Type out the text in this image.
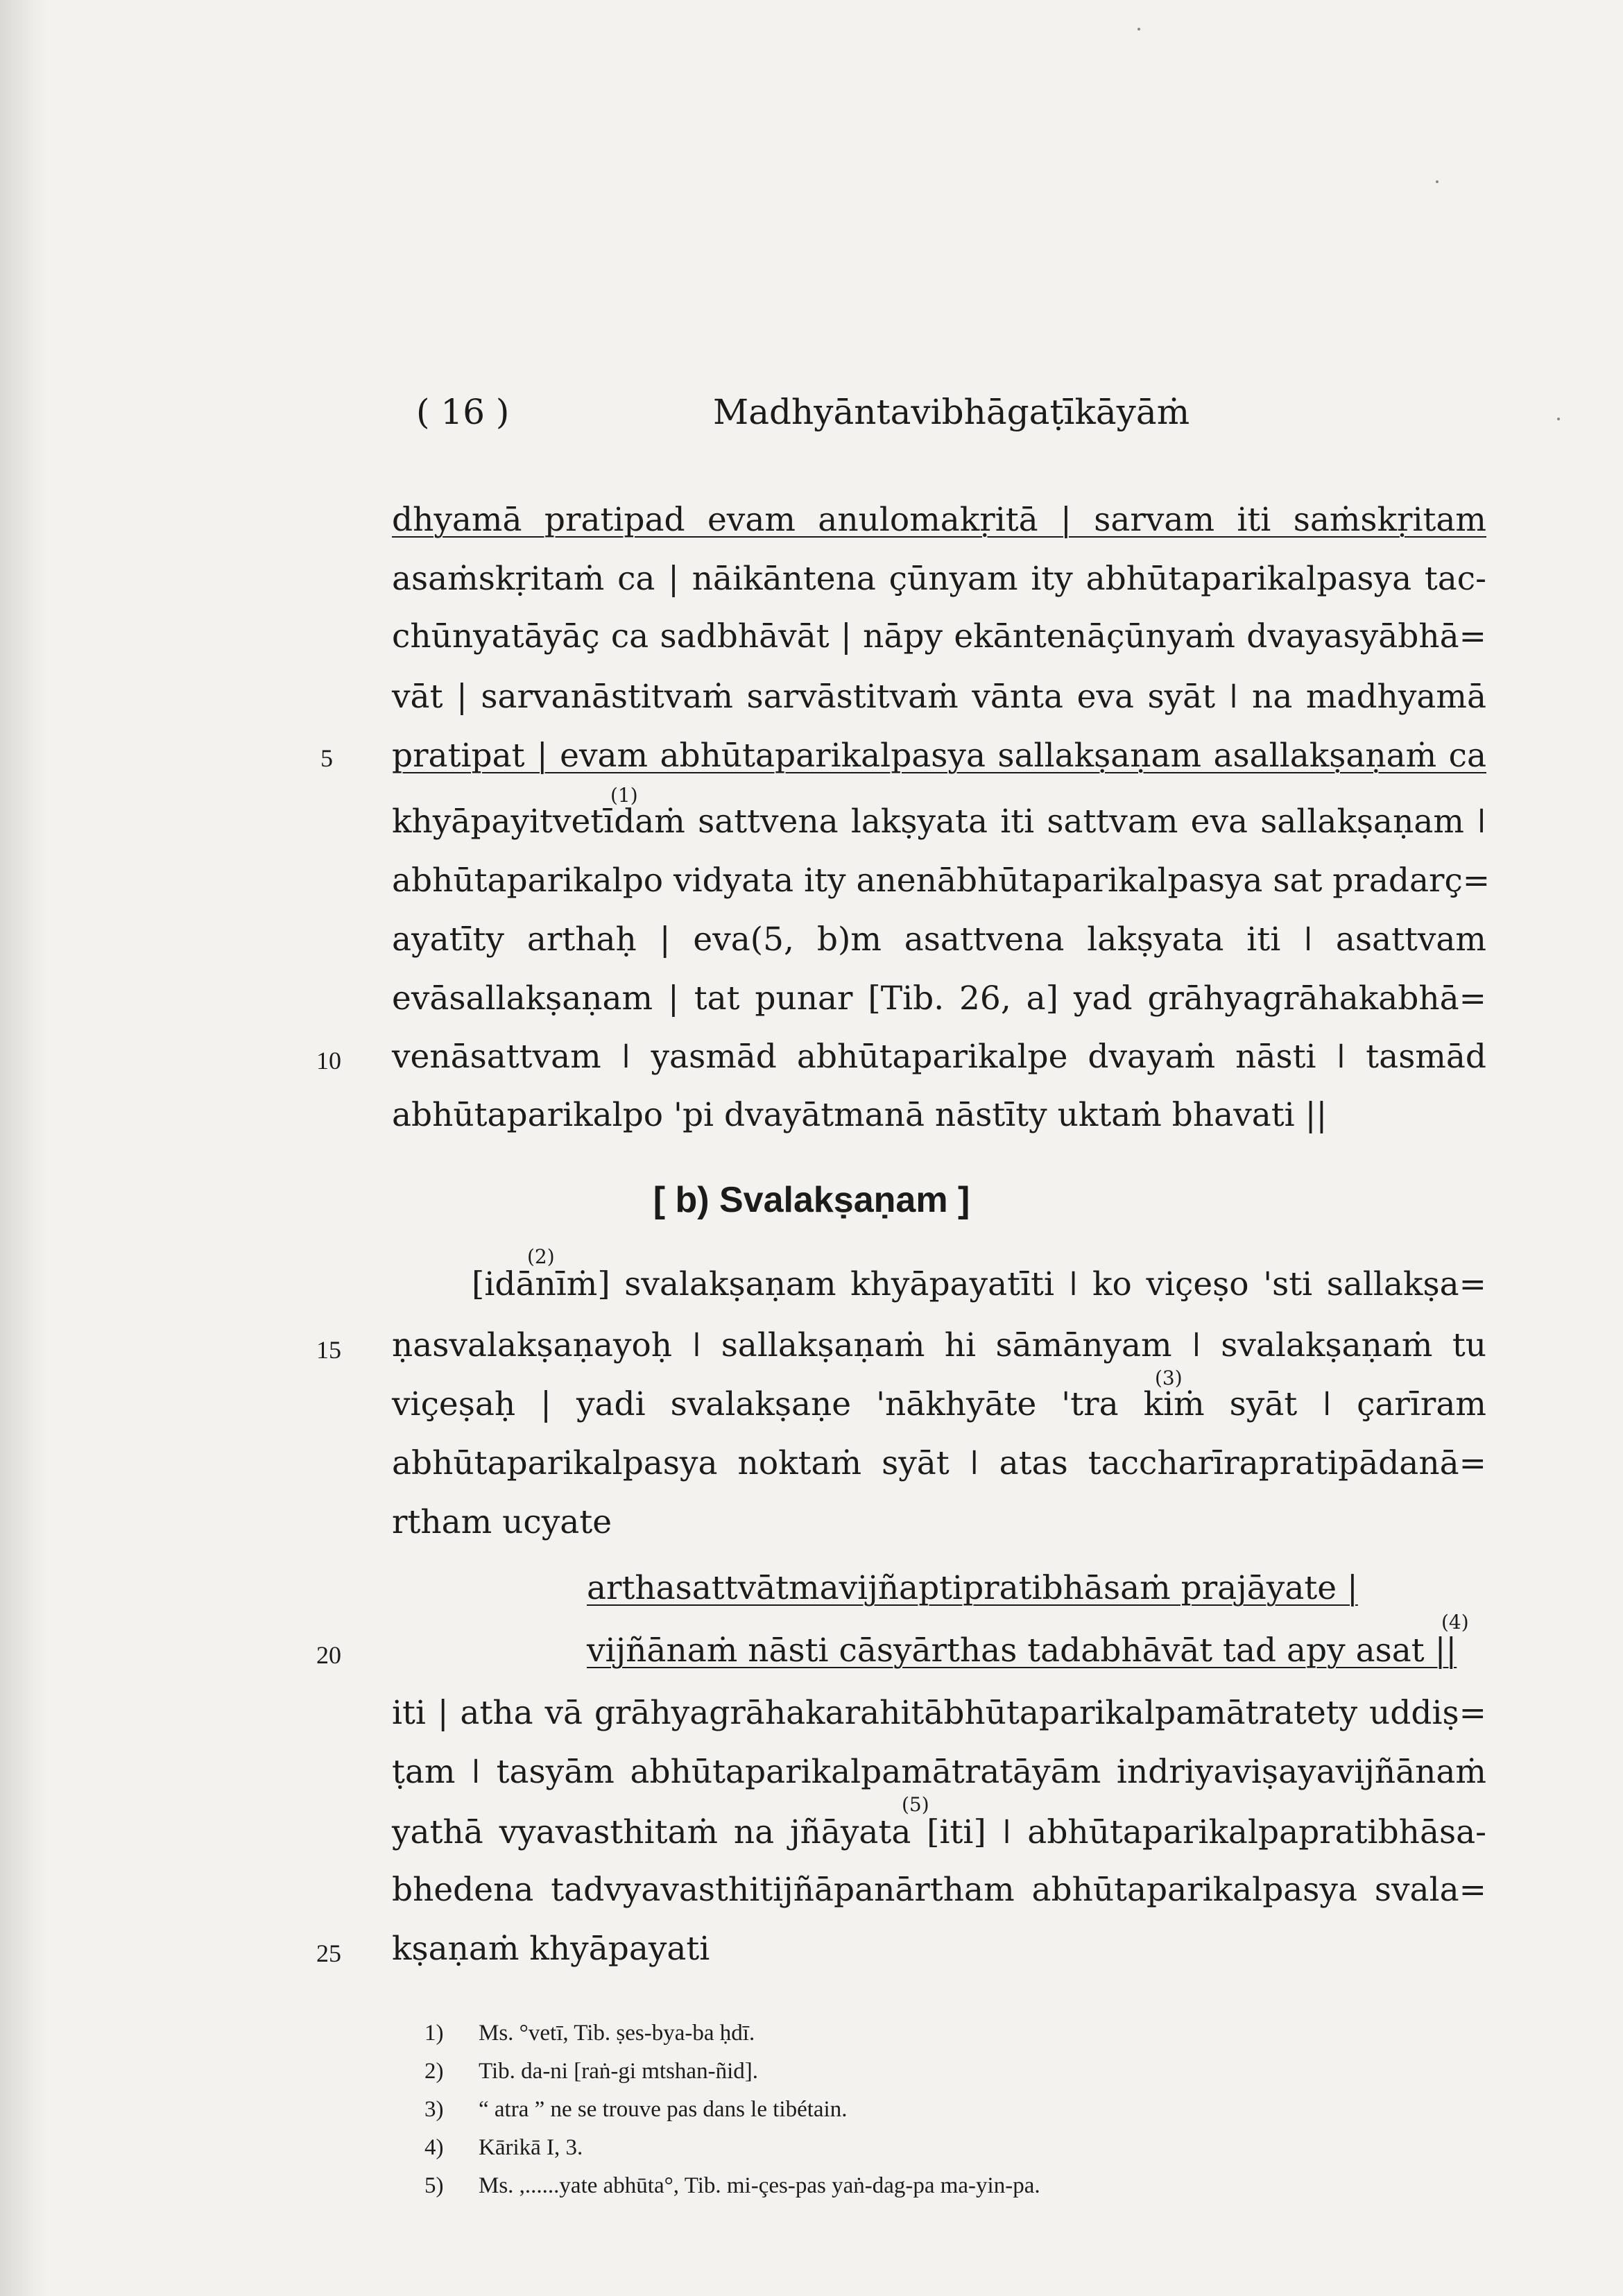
( 16 )	Madhyāntavibhāgaṭīkāyāṁ
dhyamā pratipad evam anulomakṛitā | sarvam iti saṁskṛitam
asaṁskṛitaṁ ca | nāikāntena çūnyam ity abhūtaparikalpasya tac-
chūnyatāyāç ca sadbhāvāt | nāpy ekāntenāçūnyaṁ dvayasyābhā=
vāt | sarvanāstitvaṁ sarvāstitvaṁ vānta eva syāt ǀ na madhyamā
pratipat | evam abhūtaparikalpasya sallakṣaṇam asallakṣaṇaṁ ca
khyāpayitvetīdaṁ sattvena lakṣyata iti sattvam eva sallakṣaṇam ǀ
abhūtaparikalpo vidyata ity anenābhūtaparikalpasya sat pradarç=
ayatīty arthaḥ | eva(5, b)m asattvena lakṣyata iti ǀ asattvam
evāsallakṣaṇam | tat punar [Tib. 26, a] yad grāhyagrāhakabhā=
venāsattvam ǀ yasmād abhūtaparikalpe dvayaṁ nāsti ǀ tasmād
abhūtaparikalpo 'pi dvayātmanā nāstīty uktaṁ bhavati ||
[ b) Svalakṣaṇam ]
[idānīṁ] svalakṣaṇam khyāpayatīti ǀ ko viçeṣo 'sti sallakṣa=
ṇasvalakṣaṇayoḥ ǀ sallakṣaṇaṁ hi sāmānyam ǀ svalakṣaṇaṁ tu
viçeṣaḥ | yadi svalakṣaṇe 'nākhyāte 'tra kiṁ syāt ǀ çarīram
abhūtaparikalpasya noktaṁ syāt ǀ atas taccharīrapratipādanā=
rtham ucyate
arthasattvātmavijñaptipratibhāsaṁ prajāyate |
vijñānaṁ nāsti cāsyārthas tadabhāvāt tad apy asat ||
iti | atha vā grāhyagrāhakarahitābhūtaparikalpamātratety uddiṣ=
ṭam ǀ tasyām abhūtaparikalpamātratāyām indriyaviṣayavijñānaṁ
yathā vyavasthitaṁ na jñāyata [iti] ǀ abhūtaparikalpapratibhāsa-
bhedena tadvyavasthitijñāpanārtham abhūtaparikalpasya svala=
kṣaṇaṁ khyāpayati
5
10
15
20
25
(1)
(2)
(3)
(4)
(5)
1) Ms. °vetī, Tib. ṣes-bya-ba ḥdī.
2) Tib. da-ni [raṅ-gi mtshan-ñid].
3) “ atra ” ne se trouve pas dans le tibétain.
4) Kārikā I, 3.
5) Ms. ,......yate abhūta°, Tib. mi-çes-pas yaṅ-dag-pa ma-yin-pa.
